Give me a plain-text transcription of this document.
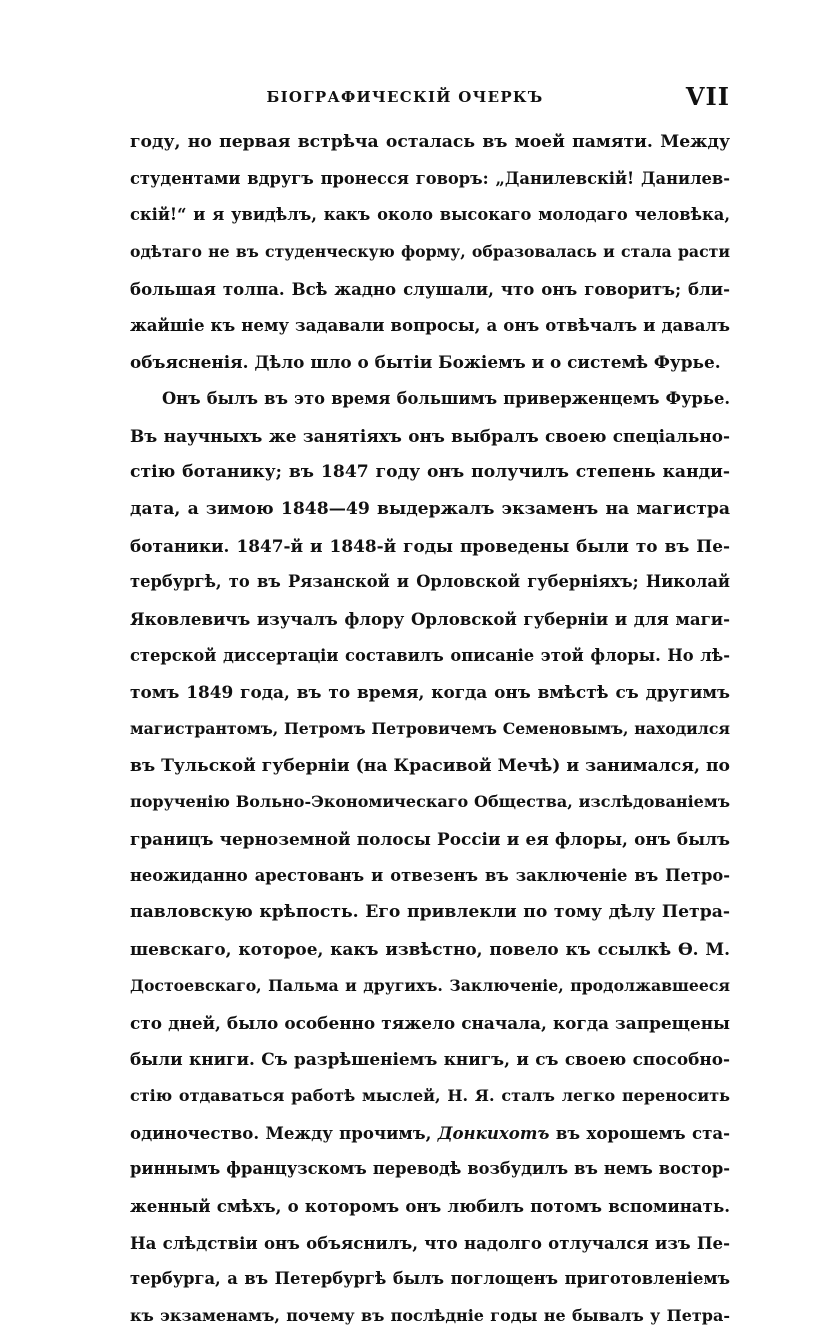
БІОГРАФИЧЕСКІЙ ОЧЕРКЪ	VII
году, но первая встрѣча осталась въ моей памяти. Между
студентами вдругъ пронесся говоръ: „Данилевскій! Данилев-
скій!“ и я увидѣлъ, какъ около высокаго молодаго человѣка,
одѣтаго не въ студенческую форму, образовалась и стала расти
большая толпа. Всѣ жадно слушали, что онъ говоритъ; бли-
жайшіе къ нему задавали вопросы, а онъ отвѣчалъ и давалъ
объясненія. Дѣло шло о бытіи Божіемъ и о системѣ Фурье.
Онъ былъ въ это время большимъ приверженцемъ Фурье.
Въ научныхъ же занятіяхъ онъ выбралъ своею спеціально-
стію ботанику; въ 1847 году онъ получилъ степень канди-
дата, а зимою 1848—49 выдержалъ экзаменъ на магистра
ботаники. 1847-й и 1848-й годы проведены были то въ Пе-
тербургѣ, то въ Рязанской и Орловской губерніяхъ; Николай
Яковлевичъ изучалъ флору Орловской губерніи и для маги-
стерской диссертаціи составилъ описаніе этой флоры. Но лѣ-
томъ 1849 года, въ то время, когда онъ вмѣстѣ съ другимъ
магистрантомъ, Петромъ Петровичемъ Семеновымъ, находился
въ Тульской губерніи (на Красивой Мечѣ) и занимался, по
порученію Вольно-Экономическаго Общества, изслѣдованіемъ
границъ черноземной полосы Россіи и ея флоры, онъ былъ
неожиданно арестованъ и отвезенъ въ заключеніе въ Петро-
павловскую крѣпость. Его привлекли по тому дѣлу Петра-
шевскаго, которое, какъ извѣстно, повело къ ссылкѣ Ѳ. М.
Достоевскаго, Пальма и другихъ. Заключеніе, продолжавшееся
сто дней, было особенно тяжело сначала, когда запрещены
были книги. Съ разрѣшеніемъ книгъ, и съ своею способно-
стію отдаваться работѣ мыслей, Н. Я. сталъ легко переносить
одиночество. Между прочимъ, Донкихотъ въ хорошемъ ста-
риннымъ французскомъ переводѣ возбудилъ въ немъ востор-
женный смѣхъ, о которомъ онъ любилъ потомъ вспоминать.
На слѣдствіи онъ объяснилъ, что надолго отлучался изъ Пе-
тербурга, а въ Петербургѣ былъ поглощенъ приготовленіемъ
къ экзаменамъ, почему въ послѣдніе годы не бывалъ у Петра-
